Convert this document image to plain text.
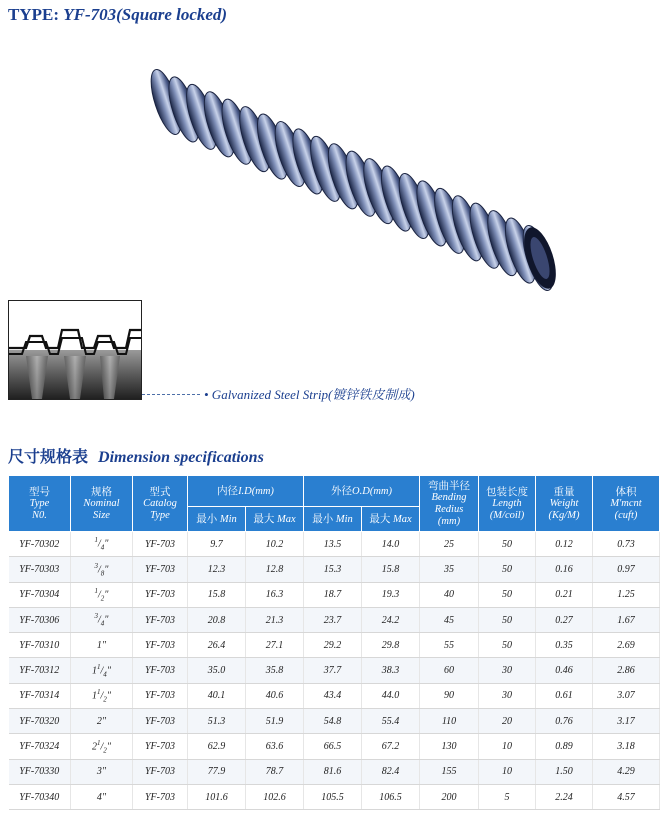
TYPE: YF-703(Square locked)
• Galvanized Steel Strip(镀锌铁皮制成)
尺寸规格表 Dimension specifications
型号
Type
N0.	规格
Nominal
Size	型式
Catalog
Type	内径I.D(mm)		外径O.D(mm)		弯曲半径
Bending
Redius
(mm)	包装长度
Length
(M/coil)	重量
Weight
(Kg/M)	体积
M'mcnt
(cuft)

			最小 Min	最大 Max	最小 Min	最大 Max				
YF-70302	$^1/_4$"	YF-703	9.7	10.2	13.5	14.0	25	50	0.12	0.73
YF-70303	$^3/_8$"	YF-703	12.3	12.8	15.3	15.8	35	50	0.16	0.97
YF-70304	$^1/_2$"	YF-703	15.8	16.3	18.7	19.3	40	50	0.21	1.25
YF-70306	$^3/_4$"	YF-703	20.8	21.3	23.7	24.2	45	50	0.27	1.67
YF-70310	1"	YF-703	26.4	27.1	29.2	29.8	55	50	0.35	2.69
YF-70312	$1^1/_4$"	YF-703	35.0	35.8	37.7	38.3	60	30	0.46	2.86
YF-70314	$1^1/_2$"	YF-703	40.1	40.6	43.4	44.0	90	30	0.61	3.07
YF-70320	2"	YF-703	51.3	51.9	54.8	55.4	110	20	0.76	3.17
YF-70324	$2^1/_2$"	YF-703	62.9	63.6	66.5	67.2	130	10	0.89	3.18
YF-70330	3"	YF-703	77.9	78.7	81.6	82.4	155	10	1.50	4.29
YF-70340	4"	YF-703	101.6	102.6	105.5	106.5	200	5	2.24	4.57
